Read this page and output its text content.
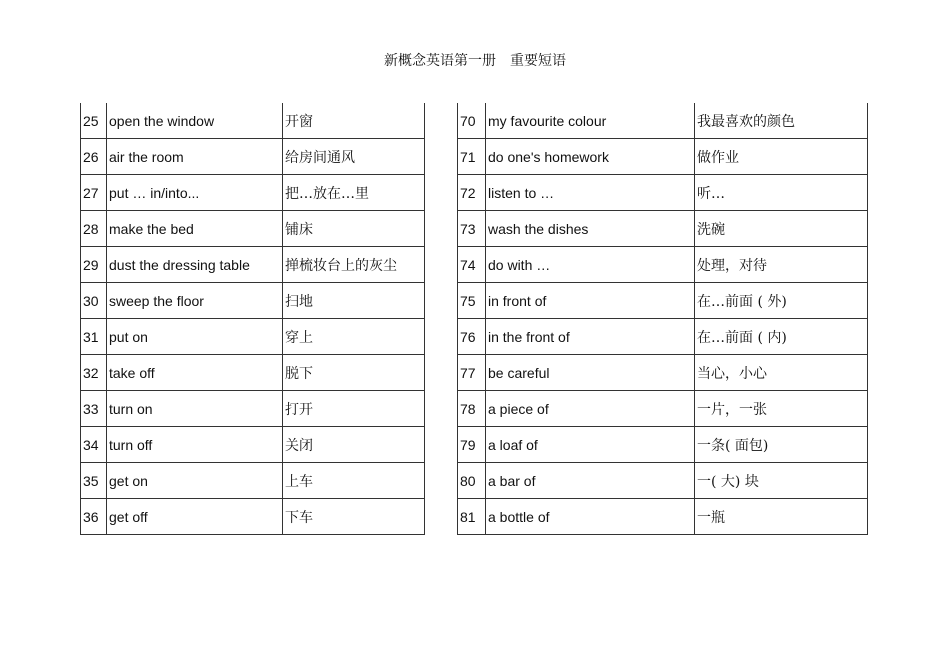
新概念英语第一册 重要短语
25	open the window	开窗
26	air the room	给房间通风
27	put … in/into...	把…放在…里
28	make the bed	铺床
29	dust the dressing table	掸梳妆台上的灰尘
30	sweep the floor	扫地
31	put on	穿上
32	take off	脱下
33	turn on	打开
34	turn off	关闭
35	get on	上车
36	get off	下车
70	my favourite colour	我最喜欢的颜色
71	do one's homework	做作业
72	listen to …	听…
73	wash the dishes	洗碗
74	do with …	处理，对待
75	in front of	在…前面 ( 外)
76	in the front of	在…前面 ( 内)
77	be careful	当心，小心
78	a piece of	一片，一张
79	a loaf of	一条( 面包)
80	a bar of	一( 大) 块
81	a bottle of	一瓶
